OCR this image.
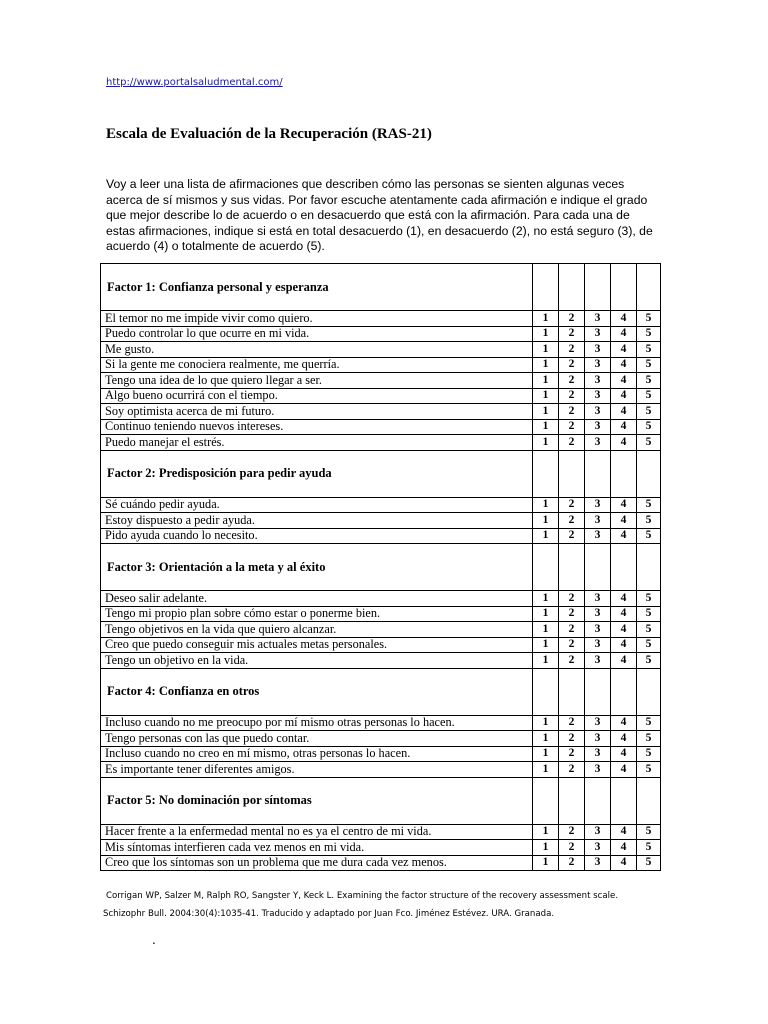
http://www.portalsaludmental.com/
Escala de Evaluación de la Recuperación (RAS-21)
Voy a leer una lista de afirmaciones que describen cómo las personas se sienten algunas veces acerca de sí mismos y sus vidas. Por favor escuche atentamente cada afirmación e indique el grado que mejor describe lo de acuerdo o en desacuerdo que está con la afirmación. Para cada una de estas afirmaciones, indique si está en total desacuerdo (1), en desacuerdo (2), no está seguro (3), de acuerdo (4) o totalmente de acuerdo (5).
Factor 1: Confianza personal y esperanza					
El temor no me impide vivir como quiero.	1	2	3	4	5
Puedo controlar lo que ocurre en mi vida.	1	2	3	4	5
Me gusto.	1	2	3	4	5
Si la gente me conociera realmente, me querría.	1	2	3	4	5
Tengo una idea de lo que quiero llegar a ser.	1	2	3	4	5
Algo bueno ocurrirá con el tiempo.	1	2	3	4	5
Soy optimista acerca de mi futuro.	1	2	3	4	5
Continuo teniendo nuevos intereses.	1	2	3	4	5
Puedo manejar el estrés.	1	2	3	4	5
Factor 2: Predisposición para pedir ayuda					
Sé cuándo pedir ayuda.	1	2	3	4	5
Estoy dispuesto a pedir ayuda.	1	2	3	4	5
Pido ayuda cuando lo necesito.	1	2	3	4	5
Factor 3: Orientación a la meta y al éxito					
Deseo salir adelante.	1	2	3	4	5
Tengo mi propio plan sobre cómo estar o ponerme bien.	1	2	3	4	5
Tengo objetivos en la vida que quiero alcanzar.	1	2	3	4	5
Creo que puedo conseguir mis actuales metas personales.	1	2	3	4	5
Tengo un objetivo en la vida.	1	2	3	4	5
Factor 4: Confianza en otros					
Incluso cuando no me preocupo por mí mismo otras personas lo hacen.	1	2	3	4	5
Tengo personas con las que puedo contar.	1	2	3	4	5
Incluso cuando no creo en mí mismo, otras personas lo hacen.	1	2	3	4	5
Es importante tener diferentes amigos.	1	2	3	4	5
Factor 5: No dominación por síntomas					
Hacer frente a la enfermedad mental no es ya el centro de mi vida.	1	2	3	4	5
Mis síntomas interfieren cada vez menos en mi vida.	1	2	3	4	5
Creo que los síntomas son un problema que me dura cada vez menos.	1	2	3	4	5
Corrigan WP, Salzer M, Ralph RO, Sangster Y, Keck L. Examining the factor structure of the recovery assessment scale.
Schizophr Bull. 2004:30(4):1035-41. Traducido y adaptado por Juan Fco. Jiménez Estévez. URA. Granada.
.
